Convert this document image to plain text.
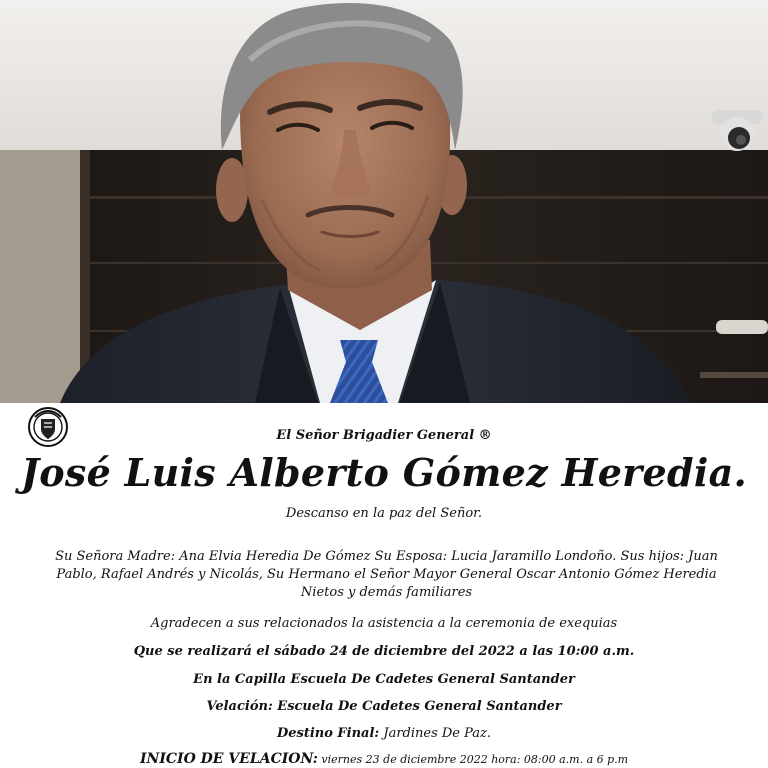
El Señor Brigadier General ®
José Luis Alberto Gómez Heredia.
Descanso en la paz del Señor.
Su Señora Madre: Ana Elvia Heredia De Gómez Su Esposa: Lucia Jaramillo Londoño. Sus hijos: Juan Pablo, Rafael Andrés y Nicolás, Su Hermano el Señor Mayor General Oscar Antonio Gómez Heredia Nietos y demás familiares
Agradecen a sus relacionados la asistencia a la ceremonia de exequias
Que se realizará el sábado 24 de diciembre del 2022 a las 10:00 a.m.
En la Capilla Escuela De Cadetes General Santander
Velación: Escuela De Cadetes General Santander
Destino Final: Jardines De Paz.
INICIO DE VELACION: viernes 23 de diciembre 2022 hora: 08:00 a.m. a 6 p.m
